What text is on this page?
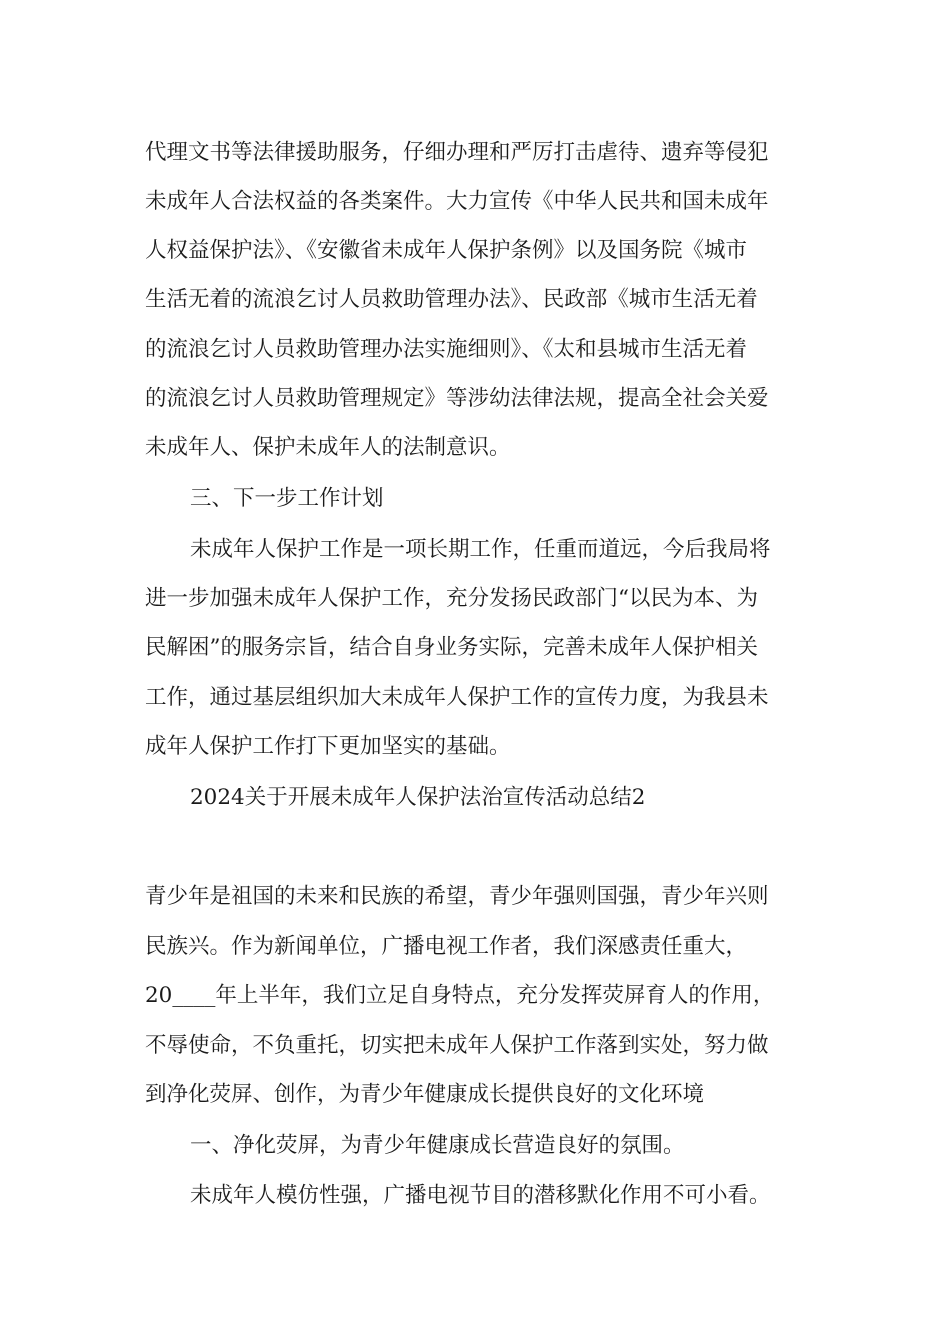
代理文书等法律援助服务，仔细办理和严厉打击虐待、遗弃等侵犯
未成年人合法权益的各类案件。大力宣传《中华人民共和国未成年
人权益保护法》、《安徽省未成年人保护条例》以及国务院《城市
生活无着的流浪乞讨人员救助管理办法》、民政部《城市生活无着
的流浪乞讨人员救助管理办法实施细则》、《太和县城市生活无着
的流浪乞讨人员救助管理规定》等涉幼法律法规，提高全社会关爱
未成年人、保护未成年人的法制意识。
三、下一步工作计划
未成年人保护工作是一项长期工作，任重而道远，今后我局将
进一步加强未成年人保护工作，充分发扬民政部门“以民为本、为
民解困”的服务宗旨，结合自身业务实际，完善未成年人保护相关
工作，通过基层组织加大未成年人保护工作的宣传力度，为我县未
成年人保护工作打下更加坚实的基础。
2024关于开展未成年人保护法治宣传活动总结2
青少年是祖国的未来和民族的希望，青少年强则国强，青少年兴则
民族兴。作为新闻单位，广播电视工作者，我们深感责任重大，
20____年上半年，我们立足自身特点，充分发挥荧屏育人的作用，
不辱使命，不负重托，切实把未成年人保护工作落到实处，努力做
到净化荧屏、创作，为青少年健康成长提供良好的文化环境
一、净化荧屏，为青少年健康成长营造良好的氛围。
未成年人模仿性强，广播电视节目的潜移默化作用不可小看。
